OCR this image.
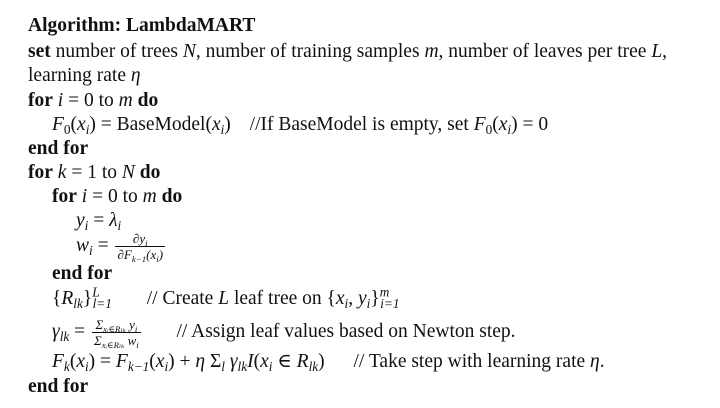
Algorithm: LambdaMART
set number of trees N, number of training samples m, number of leaves per tree L,
learning rate η
for i = 0 to m do
$F_0(x_i)$ = $BaseModel(x_i)$ //If BaseModel is empty, set $F_0(x_i) = 0$
end for
for k = 1 to N do
for i = 0 to m do
$y_i = \lambda_i$
$w_i = \frac{\partial y_i}{\partial F_{k-1}(x_i)}$
end for
$\{R_{lk}\}^L_{l=1}$ // Create L leaf tree on {$x_i$, $y_i\}^m_{i=1}$
$\gamma_{lk} = \frac{\Sigma_{xᵢ\in R_{lk}} y_i}{\Sigma_{xᵢ\in R_{lk}} w_i}$ // Assign leaf values based on Newton step.
$F_k(x_i) = F_{k-1}(x_i) + \eta$ $\Sigma_l$ $\gamma_{lk}I(x_i$ ∈ $R_{lk}$) // Take step with learning rate η.
end for
